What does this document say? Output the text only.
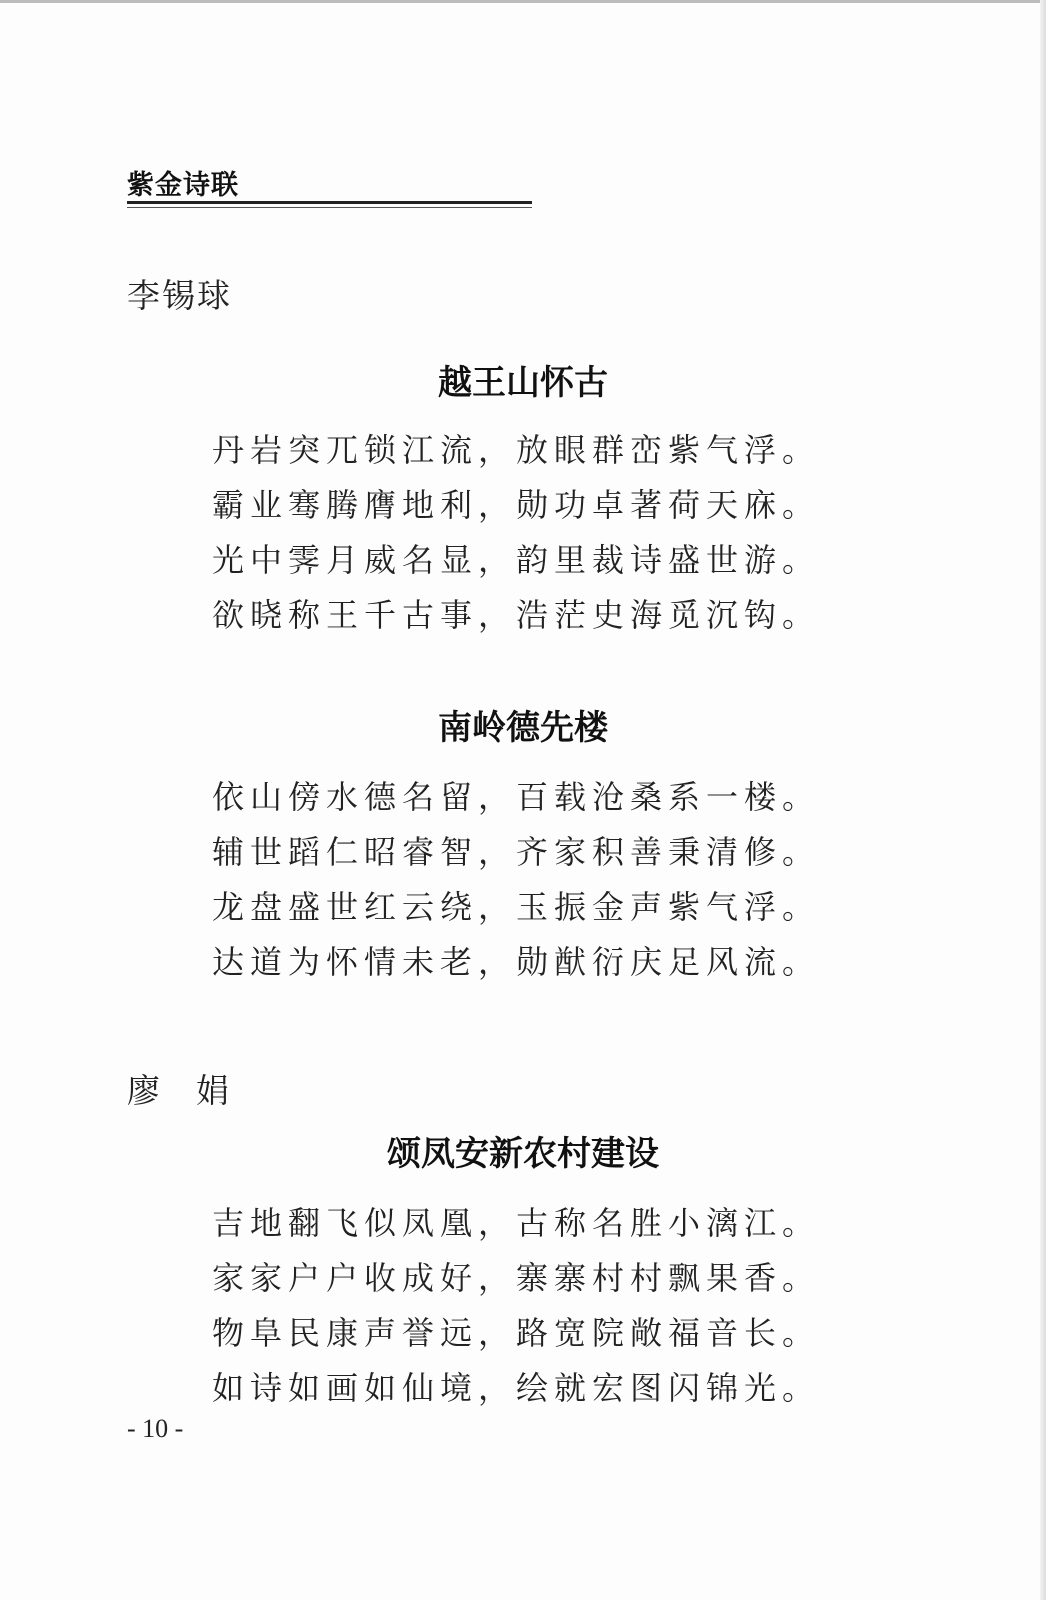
紫金诗联
李锡球
越王山怀古
丹岩突兀锁江流，放眼群峦紫气浮。
霸业骞腾膺地利，勋功卓著荷天庥。
光中霁月威名显，韵里裁诗盛世游。
欲晓称王千古事，浩茫史海觅沉钩。
南岭德先楼
依山傍水德名留，百载沧桑系一楼。
辅世蹈仁昭睿智，齐家积善秉清修。
龙盘盛世红云绕，玉振金声紫气浮。
达道为怀情未老，勋猷衍庆足风流。
廖 娟
颂凤安新农村建设
吉地翻飞似凤凰，古称名胜小漓江。
家家户户收成好，寨寨村村飘果香。
物阜民康声誉远，路宽院敞福音长。
如诗如画如仙境，绘就宏图闪锦光。
- 10 -
